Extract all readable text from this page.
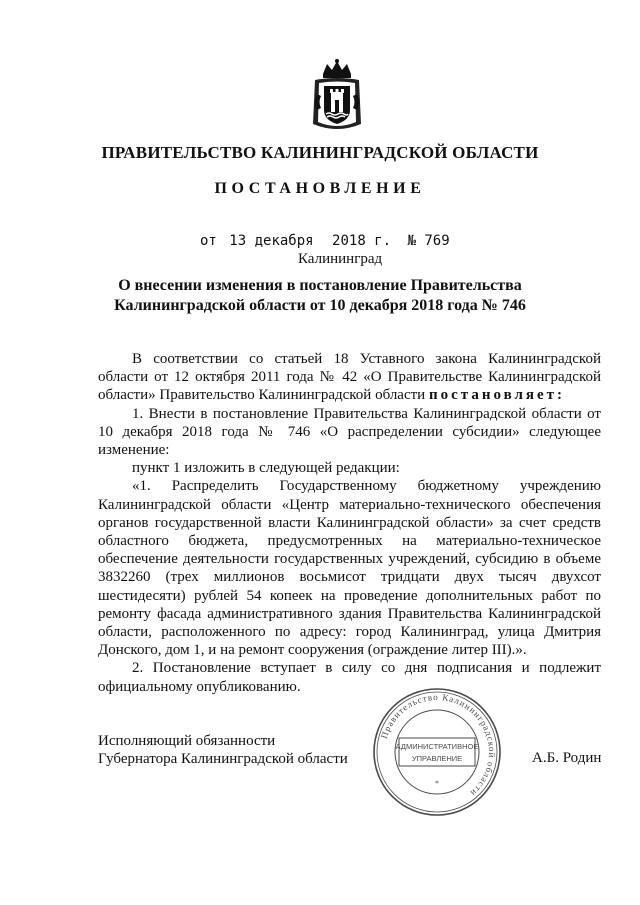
ПРАВИТЕЛЬСТВО КАЛИНИНГРАДСКОЙ ОБЛАСТИ
ПОСТАНОВЛЕНИЕ
от 13 декабря 2018 г. № 769
Калининград
О внесении изменения в постановление Правительства
Калининградской области от 10 декабря 2018 года № 746

В соответствии со статьей 18 Уставного закона Калининградской области от 12 октября 2011 года № 42 «О Правительстве Калининградской области» Правительство Калининградской области постановляет:

1. Внести в постановление Правительства Калининградской области от 10 декабря 2018 года № 746 «О распределении субсидии» следующее изменение:

пункт 1 изложить в следующей редакции:

«1. Распределить Государственному бюджетному учреждению Калининградской области «Центр материально-технического обеспечения органов государственной власти Калининградской области» за счет средств областного бюджета, предусмотренных на материально-техническое обеспечение деятельности государственных учреждений, субсидию в объеме 3832260 (трех миллионов восьмисот тридцати двух тысяч двухсот шестидесяти) рублей 54 копеек на проведение дополнительных работ по ремонту фасада административного здания Правительства Калининградской области, расположенного по адресу: город Калининград, улица Дмитрия Донского, дом 1, и на ремонт сооружения (ограждение литер III).».

2. Постановление вступает в силу со дня подписания и подлежит официальному опубликованию.

Исполняющий обязанности
Губернатора Калининградской области	А.Б. Родин
Правительство Калининградской области
АДМИНИСТРАТИВНОЕ
УПРАВЛЕНИЕ
*
